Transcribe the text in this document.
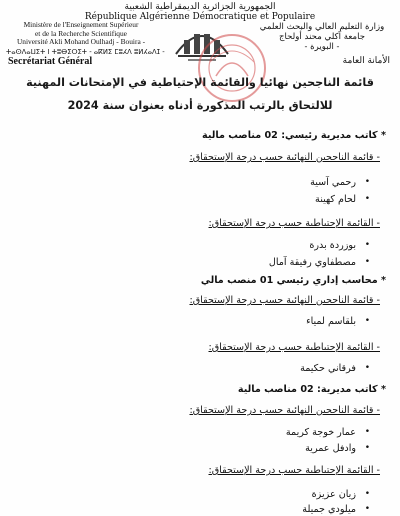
الجمهورية الجزائرية الديمقراطية الشعبية
République Algérienne Démocratique et Populaire
Ministère de l'Enseignement Supérieur
et de la Recherche Scientifique
Université Akli Mohand Oulhadj - Bouira -
ⵜⴰⵙⴷⴰⵡⵉⵜ ⵏ ⵜⵓⴱⵉⵔⵉⵜ - ⴰⴽⵍⵉ ⵎⵓⵃⴷ ⵓⵍⵃⴰⴷⵊ -
وزارة التعليم العالي والبحث العلمي
جامعة آكلي محند أولحاج
- البويرة -
Secrétariat Général	الأمانة العامة
قائمة الناجحين نهائيا والقائمة الإحتياطية في الإمتحانات المهنية
للالتحاق بالرتب المذكورة أدناه بعنوان سنة 2024
* كاتب مديرية رئيسي: 02 مناصب مالية
- قائمة الناجحين النهائية حسب درجة الإستحقاق:
• رحمي آسية
• لحام كهينة
- القائمة الإحتياطية حسب درجة الإستحقاق:
• بوزردة بدرة
• مصطفاوي رفيقة آمال
* محاسب إداري رئيسي 01 منصب مالي
- قائمة الناجحين النهائية حسب درجة الإستحقاق:
• بلقاسم لمياء
- القائمة الإحتياطية حسب درجة الإستحقاق:
• فرقاني حكيمة
* كاتب مديرية: 02 مناصب مالية
- قائمة الناجحين النهائية حسب درجة الإستحقاق:
• عمار خوجة كريمة
• وادفل عمرية
- القائمة الإحتياطية حسب درجة الإستحقاق:
• زيان عزيزة
• ميلودي جميلة
